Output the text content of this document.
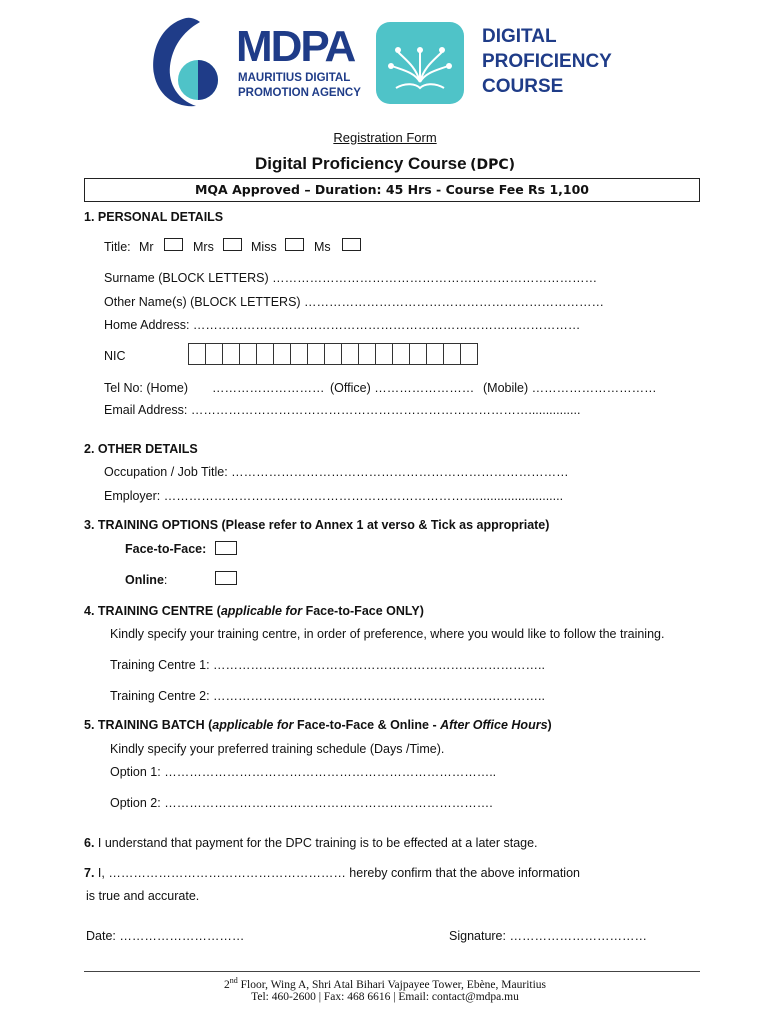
MDPA
MAURITIUS DIGITAL
PROMOTION AGENCY
DIGITAL
PROFICIENCY
COURSE
Registration Form
Digital Proficiency Course (DPC)
MQA Approved – Duration: 45 Hrs - Course Fee Rs 1,100
1. PERSONAL DETAILS
Title: Mr	Mrs	Miss	Ms
Surname (BLOCK LETTERS) ……………………………………………………………………
Other Name(s) (BLOCK LETTERS) ………………………………………………………………
Home Address: …………………………………………………………………………………
NIC
Tel No: (Home) ……………………… (Office) …………………… (Mobile) …………………………
Email Address: ………………………………………………………………………...............
2. OTHER DETAILS
Occupation / Job Title: ………………………………………………………………………
Employer: ………………………………………………………………….........................
3. TRAINING OPTIONS (Please refer to Annex 1 at verso & Tick as appropriate)
Face-to-Face:
Online:
4. TRAINING CENTRE (applicable for Face-to-Face ONLY)
Kindly specify your training centre, in order of preference, where you would like to follow the training.
Training Centre 1: ……………………………………………………………………..
Training Centre 2: ……………………………………………………………………..
5. TRAINING BATCH (applicable for Face-to-Face & Online - After Office Hours)
Kindly specify your preferred training schedule (Days /Time).
Option 1: ……………………………………………………………………..
Option 2: …………………………………………………………………….
6. I understand that payment for the DPC training is to be effected at a later stage.
7. I, ………………………………………………… hereby confirm that the above information
is true and accurate.
Date: …………………………	Signature: ……………………………
2nd Floor, Wing A, Shri Atal Bihari Vajpayee Tower, Ebène, Mauritius
Tel: 460-2600 | Fax: 468 6616 | Email: contact@mdpa.mu
